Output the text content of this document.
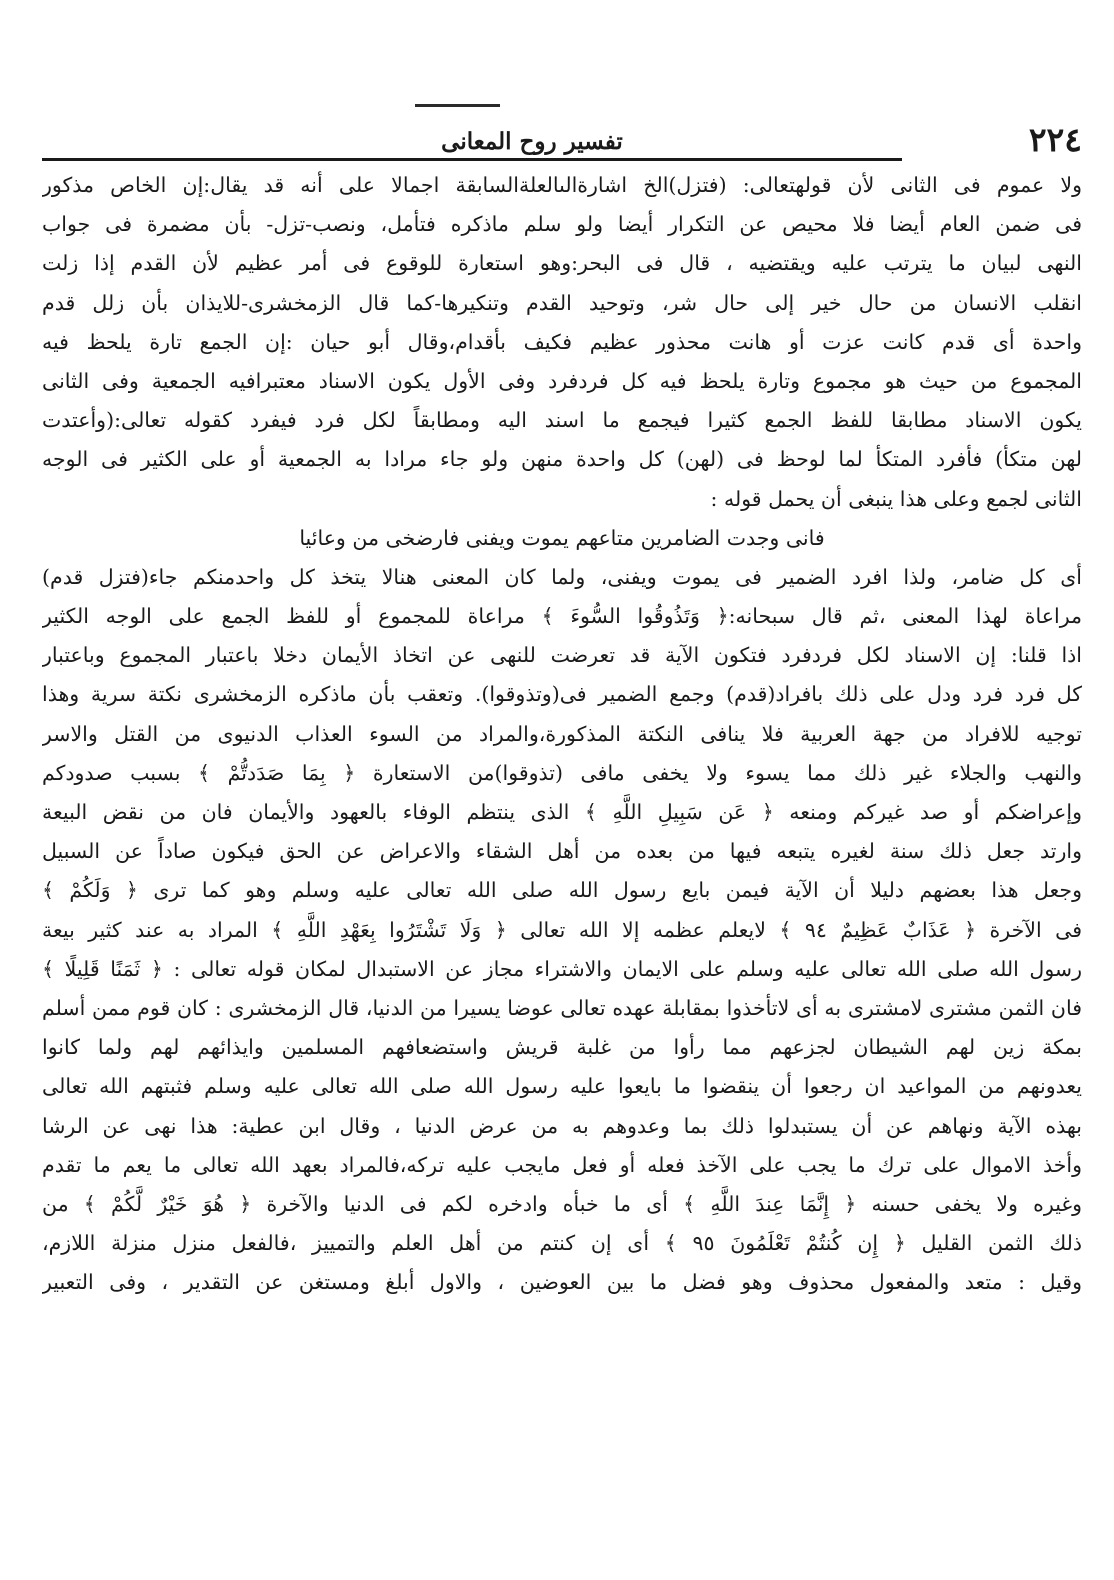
٢٢٤
تفسير روح المعانى
ولا عموم فى الثانى لأن قولهتعالى: (فتزل)الخ اشارةالىالعلةالسابقة اجمالا على أنه قد يقال:إن الخاص مذكور
فى ضمن العام أيضا فلا محيص عن التكرار أيضا ولو سلم ماذكره فتأمل، ونصب-تزل- بأن مضمرة فى جواب
النهى لبيان ما يترتب عليه ويقتضيه ، قال فى البحر:وهو استعارة للوقوع فى أمر عظيم لأن القدم إذا زلت
انقلب الانسان من حال خير إلى حال شر، وتوحيد القدم وتنكيرها-كما قال الزمخشرى-للايذان بأن زلل قدم
واحدة أى قدم كانت عزت أو هانت محذور عظيم فكيف بأقدام،وقال أبو حيان :إن الجمع تارة يلحظ فيه
المجموع من حيث هو مجموع وتارة يلحظ فيه كل فردفرد وفى الأول يكون الاسناد معتبرافيه الجمعية وفى الثانى
يكون الاسناد مطابقا للفظ الجمع كثيرا فيجمع ما اسند اليه ومطابقاً لكل فرد فيفرد كقوله تعالى:(وأعتدت
لهن متكأ) فأفرد المتكأ لما لوحظ فى (لهن) كل واحدة منهن ولو جاء مرادا به الجمعية أو على الكثير فى الوجه
الثانى لجمع وعلى هذا ينبغى أن يحمل قوله :
فانى وجدت الضامرين متاعهم يموت ويفنى فارضخى من وعائيا
أى كل ضامر، ولذا افرد الضمير فى يموت ويفنى، ولما كان المعنى هنالا يتخذ كل واحدمنكم جاء(فتزل قدم)
مراعاة لهذا المعنى ،ثم قال سبحانه:﴿ وَتَذُوقُوا السُّوءَ ﴾ مراعاة للمجموع أو للفظ الجمع على الوجه الكثير
اذا قلنا: إن الاسناد لكل فردفرد فتكون الآية قد تعرضت للنهى عن اتخاذ الأيمان دخلا باعتبار المجموع وباعتبار
كل فرد فرد ودل على ذلك بافراد(قدم) وجمع الضمير فى(وتذوقوا). وتعقب بأن ماذكره الزمخشرى نكتة سرية وهذا
توجيه للافراد من جهة العربية فلا ينافى النكتة المذكورة،والمراد من السوء العذاب الدنيوى من القتل والاسر
والنهب والجلاء غير ذلك مما يسوء ولا يخفى مافى (تذوقوا)من الاستعارة ﴿ بِمَا صَدَدتُّمْ ﴾ بسبب صدودكم
وإعراضكم أو صد غيركم ومنعه ﴿ عَن سَبِيلِ اللَّهِ ﴾ الذى ينتظم الوفاء بالعهود والأيمان فان من نقض البيعة
وارتد جعل ذلك سنة لغيره يتبعه فيها من بعده من أهل الشقاء والاعراض عن الحق فيكون صاداً عن السبيل
وجعل هذا بعضهم دليلا أن الآية فيمن بايع رسول الله صلى الله تعالى عليه وسلم وهو كما ترى ﴿ وَلَكُمْ ﴾
فى الآخرة ﴿ عَذَابٌ عَظِيمٌ ٩٤ ﴾ لايعلم عظمه إلا الله تعالى ﴿ وَلَا تَشْتَرُوا بِعَهْدِ اللَّهِ ﴾ المراد به عند كثير بيعة
رسول الله صلى الله تعالى عليه وسلم على الايمان والاشتراء مجاز عن الاستبدال لمكان قوله تعالى : ﴿ ثَمَنًا قَلِيلًا ﴾
فان الثمن مشترى لامشترى به أى لاتأخذوا بمقابلة عهده تعالى عوضا يسيرا من الدنيا، قال الزمخشرى : كان قوم ممن أسلم
بمكة زين لهم الشيطان لجزعهم مما رأوا من غلبة قريش واستضعافهم المسلمين وايذائهم لهم ولما كانوا
يعدونهم من المواعيد ان رجعوا أن ينقضوا ما بايعوا عليه رسول الله صلى الله تعالى عليه وسلم فثبتهم الله تعالى
بهذه الآية ونهاهم عن أن يستبدلوا ذلك بما وعدوهم به من عرض الدنيا ، وقال ابن عطية: هذا نهى عن الرشا
وأخذ الاموال على ترك ما يجب على الآخذ فعله أو فعل مايجب عليه تركه،فالمراد بعهد الله تعالى ما يعم ما تقدم
وغيره ولا يخفى حسنه ﴿ إِنَّمَا عِندَ اللَّهِ ﴾ أى ما خبأه وادخره لكم فى الدنيا والآخرة ﴿ هُوَ خَيْرٌ لَّكُمْ ﴾ من
ذلك الثمن القليل ﴿ إِن كُنتُمْ تَعْلَمُونَ ٩٥ ﴾ أى إن كنتم من أهل العلم والتمييز ،فالفعل منزل منزلة اللازم،
وقيل : متعد والمفعول محذوف وهو فضل ما بين العوضين ، والاول أبلغ ومستغن عن التقدير ، وفى التعبير
